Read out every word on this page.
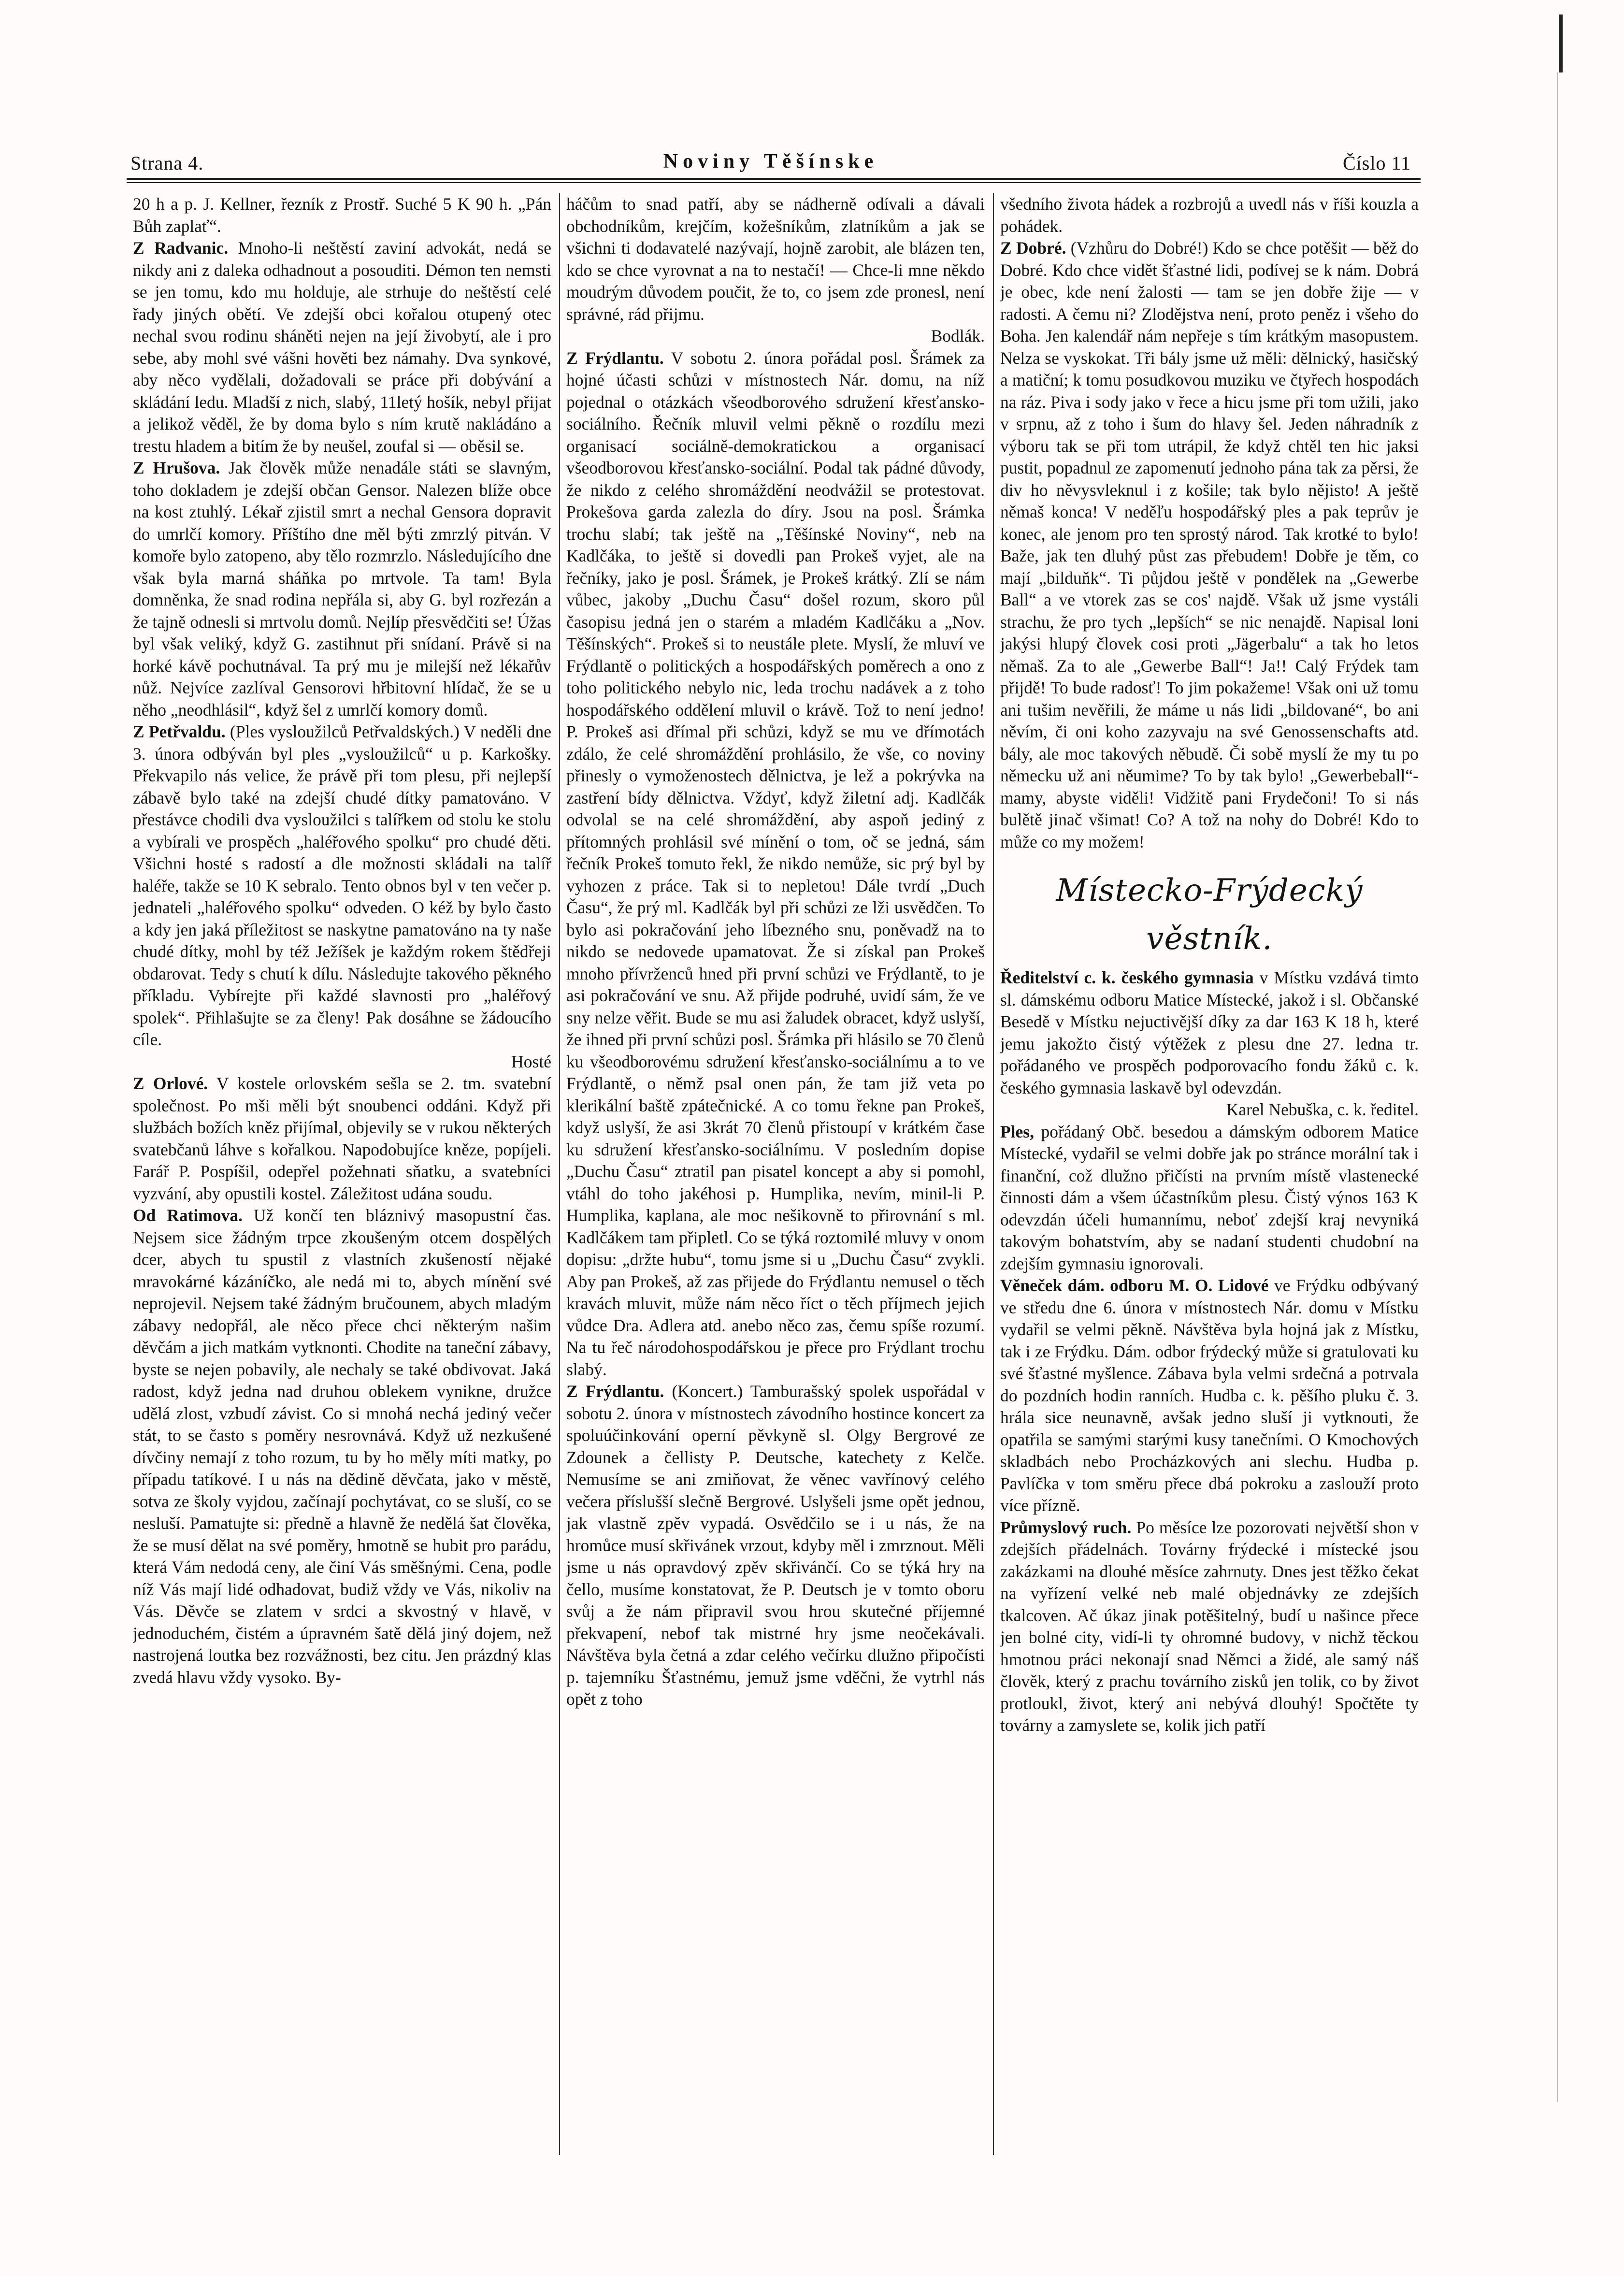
Strana 4.	Noviny Těšínske	Číslo 11

20 h a p. J. Kellner, řezník z Prostř. Suché 5 K 90 h. „Pán Bůh zaplať“.

Z Radvanic. Mnoho-li neštěstí zaviní advokát, nedá se nikdy ani z daleka odhadnout a posouditi. Démon ten nemsti se jen tomu, kdo mu holduje, ale strhuje do neštěstí celé řady jiných obětí. Ve zdejší obci kořalou otupený otec nechal svou rodinu sháněti nejen na její živobytí, ale i pro sebe, aby mohl své vášni hověti bez námahy. Dva synkové, aby něco vydělali, dožadovali se práce při dobývání a skládání ledu. Mladší z nich, slabý, 11letý hošík, nebyl přijat a jelikož věděl, že by doma bylo s ním krutě nakládáno a trestu hladem a bitím že by neušel, zoufal si — oběsil se.

Z Hrušova. Jak člověk může nenadále státi se slavným, toho dokladem je zdejší občan Gensor. Nalezen blíže obce na kost ztuhlý. Lékař zjistil smrt a nechal Gensora dopravit do umrlčí komory. Příštího dne měl býti zmrzlý pitván. V komoře bylo zatopeno, aby tělo rozmrzlo. Následujícího dne však byla marná sháňka po mrtvole. Ta tam! Byla domněnka, že snad rodina nepřála si, aby G. byl rozřezán a že tajně odnesli si mrtvolu domů. Nejlíp přesvědčiti se! Úžas byl však veliký, když G. zastihnut při snídaní. Právě si na horké kávě pochutnával. Ta prý mu je milejší než lékařův nůž. Nejvíce zazlíval Gensorovi hřbitovní hlídač, že se u něho „neodhlásil“, když šel z umrlčí komory domů.

Z Petřvaldu. (Ples vysloužilců Petřvaldských.) V neděli dne 3. února odbýván byl ples „vysloužilců“ u p. Karkošky. Překvapilo nás velice, že právě při tom plesu, při nejlepší zábavě bylo také na zdejší chudé dítky pamatováno. V přestávce chodili dva vysloužilci s talířkem od stolu ke stolu a vybírali ve prospěch „haléřového spolku“ pro chudé děti. Všichni hosté s radostí a dle možnosti skládali na talíř haléře, takže se 10 K sebralo. Tento obnos byl v ten večer p. jednateli „haléřového spolku“ odveden. O kéž by bylo často a kdy jen jaká příležitost se naskytne pamatováno na ty naše chudé dítky, mohl by též Ježíšek je každým rokem štědřeji obdarovat. Tedy s chutí k dílu. Následujte takového pěkného příkladu. Vybírejte při každé slavnosti pro „haléřový spolek“. Přihlašujte se za členy! Pak dosáhne se žádoucího cíle.
Hosté

Z Orlové. V kostele orlovském sešla se 2. tm. svatební společnost. Po mši měli být snoubenci oddáni. Když při službách božích kněz přijímal, objevily se v rukou některých svatebčanů láhve s kořalkou. Napodobujíce kněze, popíjeli. Farář P. Pospíšil, odepřel požehnati sňatku, a svatebníci vyzvání, aby opustili kostel. Záležitost udána soudu.

Od Ratimova. Už končí ten bláznivý masopustní čas. Nejsem sice žádným trpce zkoušeným otcem dospělých dcer, abych tu spustil z vlastních zkušeností nějaké mravokárné kázáníčko, ale nedá mi to, abych mínění své neprojevil. Nejsem také žádným bručounem, abych mladým zábavy nedopřál, ale něco přece chci některým našim děvčám a jich matkám vytknonti. Chodite na taneční zábavy, byste se nejen pobavily, ale nechaly se také obdivovat. Jaká radost, když jedna nad druhou oblekem vynikne, družce udělá zlost, vzbudí závist. Co si mnohá nechá jediný večer stát, to se často s poměry nesrovnává. Když už nezkušené dívčiny nemají z toho rozum, tu by ho měly míti matky, po případu tatíkové. I u nás na dědině děvčata, jako v městě, sotva ze školy vyjdou, začínají pochytávat, co se sluší, co se nesluší. Pamatujte si: předně a hlavně že nedělá šat člověka, že se musí dělat na své poměry, hmotně se hubit pro parádu, která Vám nedodá ceny, ale činí Vás směšnými. Cena, podle níž Vás mají lidé odhadovat, budiž vždy ve Vás, nikoliv na Vás. Děvče se zlatem v srdci a skvostný v hlavě, v jednoduchém, čistém a úpravném šatě dělá jiný dojem, než nastrojená loutka bez rozvážnosti, bez citu. Jen prázdný klas zvedá hlavu vždy vysoko. By-

háčům to snad patří, aby se nádherně odívali a dávali obchodníkům, krejčím, kožešníkům, zlatníkům a jak se všichni ti dodavatelé nazývají, hojně zarobit, ale blázen ten, kdo se chce vyrovnat a na to nestačí! — Chce-li mne někdo moudrým důvodem poučit, že to, co jsem zde pronesl, není správné, rád přijmu.
Bodlák.

Z Frýdlantu. V sobotu 2. února pořádal posl. Šrámek za hojné účasti schůzi v místnostech Nár. domu, na níž pojednal o otázkách všeodborového sdružení křesťansko-sociálního. Řečník mluvil velmi pěkně o rozdílu mezi organisací sociálně-demokratickou a organisací všeodborovou křesťansko-sociální. Podal tak pádné důvody, že nikdo z celého shromáždění neodvážil se protestovat. Prokešova garda zalezla do díry. Jsou na posl. Šrámka trochu slabí; tak ještě na „Těšínské Noviny“, neb na Kadlčáka, to ještě si dovedli pan Prokeš vyjet, ale na řečníky, jako je posl. Šrámek, je Prokeš krátký. Zlí se nám vůbec, jakoby „Duchu Času“ došel rozum, skoro půl časopisu jedná jen o starém a mladém Kadlčáku a „Nov. Těšínských“. Prokeš si to neustále plete. Myslí, že mluví ve Frýdlantě o politických a hospodářských poměrech a ono z toho politického nebylo nic, leda trochu nadávek a z toho hospodářského oddělení mluvil o krávě. Tož to není jedno! P. Prokeš asi dřímal při schůzi, když se mu ve dřímotách zdálo, že celé shromáždění prohlásilo, že vše, co noviny přinesly o vymoženostech dělnictva, je lež a pokrývka na zastření bídy dělnictva. Vždyť, když žiletní adj. Kadlčák odvolal se na celé shromáždění, aby aspoň jediný z přítomných prohlásil své mínění o tom, oč se jedná, sám řečník Prokeš tomuto řekl, že nikdo nemůže, sic prý byl by vyhozen z práce. Tak si to nepletou! Dále tvrdí „Duch Času“, že prý ml. Kadlčák byl při schůzi ze lži usvědčen. To bylo asi pokračování jeho líbezného snu, poněvadž na to nikdo se nedovede upamatovat. Že si získal pan Prokeš mnoho přívrženců hned při první schůzi ve Frýdlantě, to je asi pokračování ve snu. Až přijde podruhé, uvidí sám, že ve sny nelze věřit. Bude se mu asi žaludek obracet, když uslyší, že ihned při první schůzi posl. Šrámka při hlásilo se 70 členů ku všeodborovému sdružení křesťansko-sociálnímu a to ve Frýdlantě, o němž psal onen pán, že tam již veta po klerikální baště zpátečnické. A co tomu řekne pan Prokeš, když uslyší, že asi 3krát 70 členů přistoupí v krátkém čase ku sdružení křesťansko-sociálnímu. V posledním dopise „Duchu Času“ ztratil pan pisatel koncept a aby si pomohl, vtáhl do toho jakéhosi p. Humplika, nevím, minil-li P. Humplika, kaplana, ale moc nešikovně to přirovnání s ml. Kadlčákem tam připletl. Co se týká roztomilé mluvy v onom dopisu: „držte hubu“, tomu jsme si u „Duchu Času“ zvykli. Aby pan Prokeš, až zas přijede do Frýdlantu nemusel o těch kravách mluvit, může nám něco říct o těch příjmech jejich vůdce Dra. Adlera atd. anebo něco zas, čemu spíše rozumí. Na tu řeč národohospodářskou je přece pro Frýdlant trochu slabý.

Z Frýdlantu. (Koncert.) Tamburašský spolek uspořádal v sobotu 2. února v místnostech závodního hostince koncert za spoluúčinkování operní pěvkyně sl. Olgy Bergrové ze Zdounek a čellisty P. Deutsche, katechety z Kelče. Nemusíme se ani zmiňovat, že věnec vavřínový celého večera příslušší slečně Bergrové. Uslyšeli jsme opět jednou, jak vlastně zpěv vypadá. Osvědčilo se i u nás, že na hromůce musí skřivánek vrzout, kdyby měl i zmrznout. Měli jsme u nás opravdový zpěv skřivánčí. Co se týká hry na čello, musíme konstatovat, že P. Deutsch je v tomto oboru svůj a že nám připravil svou hrou skutečné příjemné překvapení, nebof tak mistrné hry jsme neočekávali. Návštěva byla četná a zdar celého večírku dlužno připočísti p. tajemníku Šťastnému, jemuž jsme vděčni, že vytrhl nás opět z toho

všedního života hádek a rozbrojů a uvedl nás v říši kouzla a pohádek.

Z Dobré. (Vzhůru do Dobré!) Kdo se chce potěšit — běž do Dobré. Kdo chce vidět šťastné lidi, podívej se k nám. Dobrá je obec, kde není žalosti — tam se jen dobře žije — v radosti. A čemu ni? Zlodějstva není, proto peněz i všeho do Boha. Jen kalendář nám nepřeje s tím krátkým masopustem. Nelza se vyskokat. Tři bály jsme už měli: dělnický, hasičský a matiční; k tomu posudkovou muziku ve čtyřech hospodách na ráz. Piva i sody jako v řece a hicu jsme při tom užili, jako v srpnu, až z toho i šum do hlavy šel. Jeden náhradník z výboru tak se při tom utrápil, že když chtěl ten hic jaksi pustit, popadnul ze zapomenutí jednoho pána tak za pěrsi, že div ho něvysvleknul i z košile; tak bylo nějisto! A ještě němaš konca! V neděľu hospodářský ples a pak teprův je konec, ale jenom pro ten sprostý národ. Tak krotké to bylo! Baže, jak ten dluhý půst zas přebudem! Dobře je těm, co mají „bilduňk“. Ti půjdou ještě v pondělek na „Gewerbe Ball“ a ve vtorek zas se cos' najdě. Však už jsme vystáli strachu, že pro tych „lepších“ se nic nenajdě. Napisal loni jakýsi hlupý človek cosi proti „Jägerbalu“ a tak ho letos němaš. Za to ale „Gewerbe Ball“! Ja!! Calý Frýdek tam přijdě! To bude radosť! To jim pokažeme! Však oni už tomu ani tušim nevěřili, že máme u nás lidi „bildované“, bo ani něvím, či oni koho zazyvaju na své Genossenschafts atd. bály, ale moc takových něbudě. Či sobě myslí že my tu po německu už ani něumime? To by tak bylo! „Gewerbeball“-mamy, abyste viděli! Vidžitě pani Frydečoni! To si nás bulětě jinač všimat! Co? A tož na nohy do Dobré! Kdo to může co my možem!

Místecko-Frýdecký věstník.

Ředitelství c. k. českého gymnasia v Místku vzdává timto sl. dámskému odboru Matice Místecké, jakož i sl. Občanské Besedě v Místku nejuctivější díky za dar 163 K 18 h, které jemu jakožto čistý výtěžek z plesu dne 27. ledna tr. pořádaného ve prospěch podporovacího fondu žáků c. k. českého gymnasia laskavě byl odevzdán.
Karel Nebuška, c. k. ředitel.

Ples, pořádaný Obč. besedou a dámským odborem Matice Místecké, vydařil se velmi dobře jak po stránce morální tak i finanční, což dlužno přičísti na prvním místě vlastenecké činnosti dám a všem účastníkům plesu. Čistý výnos 163 K odevzdán účeli humannímu, neboť zdejší kraj nevyniká takovým bohatstvím, aby se nadaní studenti chudobní na zdejším gymnasiu ignorovali.

Věneček dám. odboru M. O. Lidové ve Frýdku odbývaný ve středu dne 6. února v místnostech Nár. domu v Místku vydařil se velmi pěkně. Návštěva byla hojná jak z Místku, tak i ze Frýdku. Dám. odbor frýdecký může si gratulovati ku své šťastné myšlence. Zábava byla velmi srdečná a potrvala do pozdních hodin ranních. Hudba c. k. pěšího pluku č. 3. hrála sice neunavně, avšak jedno sluší ji vytknouti, že opatřila se samými starými kusy tanečními. O Kmochových skladbách nebo Procházkových ani slechu. Hudba p. Pavlíčka v tom směru přece dbá pokroku a zaslouží proto více přízně.

Průmyslový ruch. Po měsíce lze pozorovati největší shon v zdejších přádelnách. Továrny frýdecké i místecké jsou zakázkami na dlouhé měsíce zahrnuty. Dnes jest těžko čekat na vyřízení velké neb malé objednávky ze zdejších tkalcoven. Ač úkaz jinak potěšitelný, budí u našince přece jen bolné city, vidí-li ty ohromné budovy, v nichž těckou hmotnou práci nekonají snad Němci a židé, ale samý náš člověk, který z prachu továrního zisků jen tolik, co by život protloukl, život, který ani nebývá dlouhý! Spočtěte ty továrny a zamyslete se, kolik jich patří
